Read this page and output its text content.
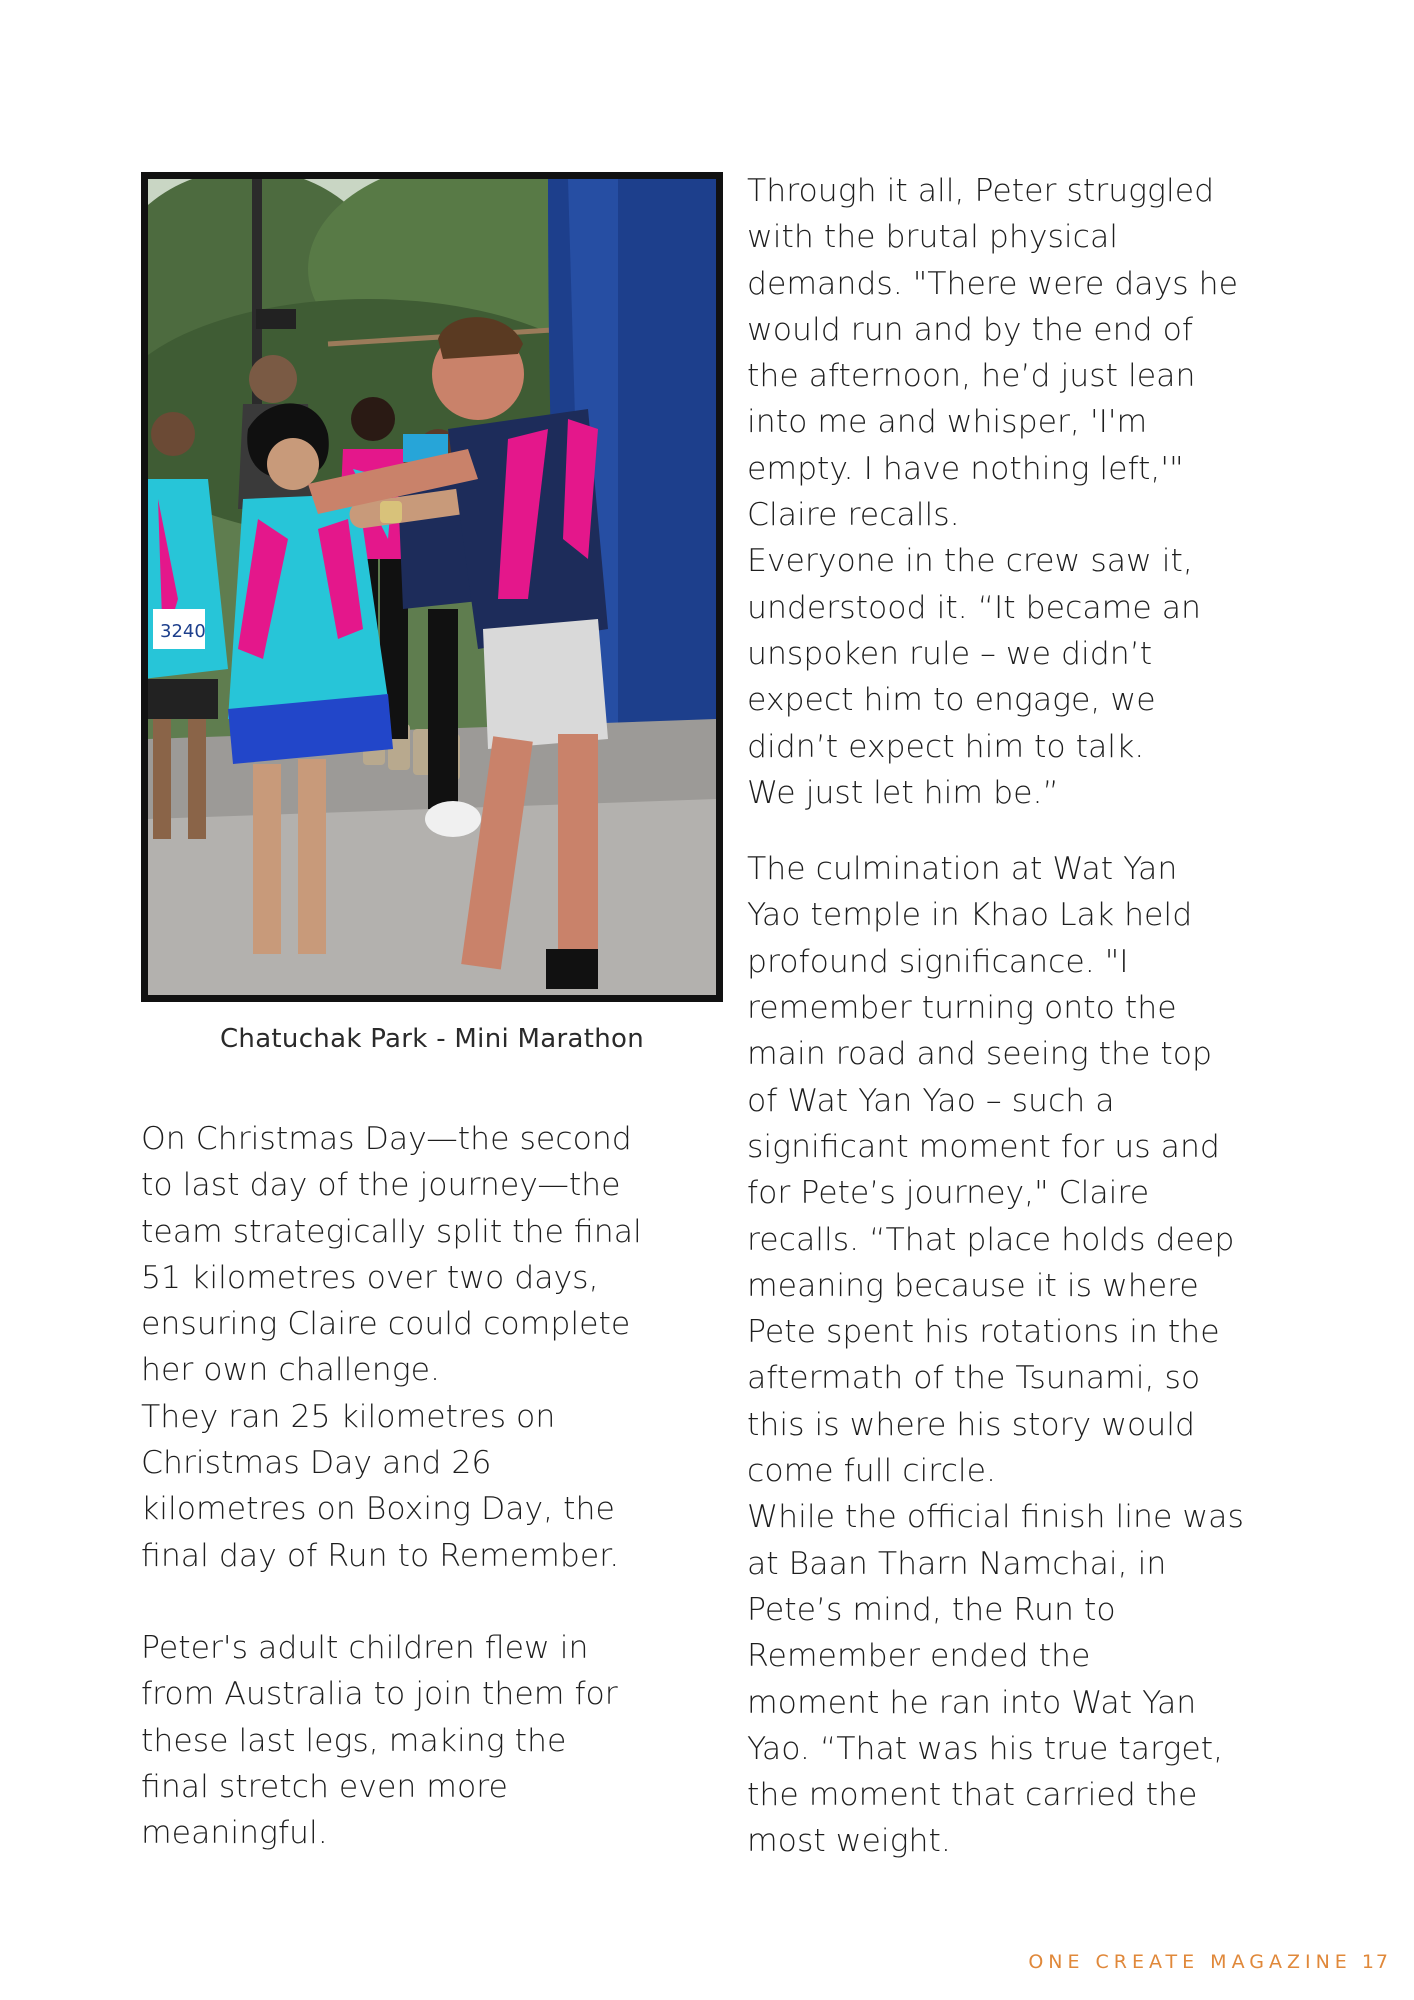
3240
Chatuchak Park - Mini Marathon

On Christmas Day—the second
to last day of the journey—the
team strategically split the final
51 kilometres over two days,
ensuring Claire could complete
her own challenge.
They ran 25 kilometres on
Christmas Day and 26
kilometres on Boxing Day, the
final day of Run to Remember.

Peter's adult children flew in
from Australia to join them for
these last legs, making the
final stretch even more
meaningful.

Through it all, Peter struggled
with the brutal physical
demands. "There were days he
would run and by the end of
the afternoon, he’d just lean
into me and whisper, 'I'm
empty. I have nothing left,'"
Claire recalls.
Everyone in the crew saw it,
understood it. “It became an
unspoken rule – we didn’t
expect him to engage, we
didn’t expect him to talk.
We just let him be.”

The culmination at Wat Yan
Yao temple in Khao Lak held
profound significance. "I
remember turning onto the
main road and seeing the top
of Wat Yan Yao – such a
significant moment for us and
for Pete’s journey," Claire
recalls. “That place holds deep
meaning because it is where
Pete spent his rotations in the
aftermath of the Tsunami, so
this is where his story would
come full circle.
While the official finish line was
at Baan Tharn Namchai, in
Pete’s mind, the Run to
Remember ended the
moment he ran into Wat Yan
Yao. “That was his true target,
the moment that carried the
most weight.

ONE CREATE MAGAZINE 17
